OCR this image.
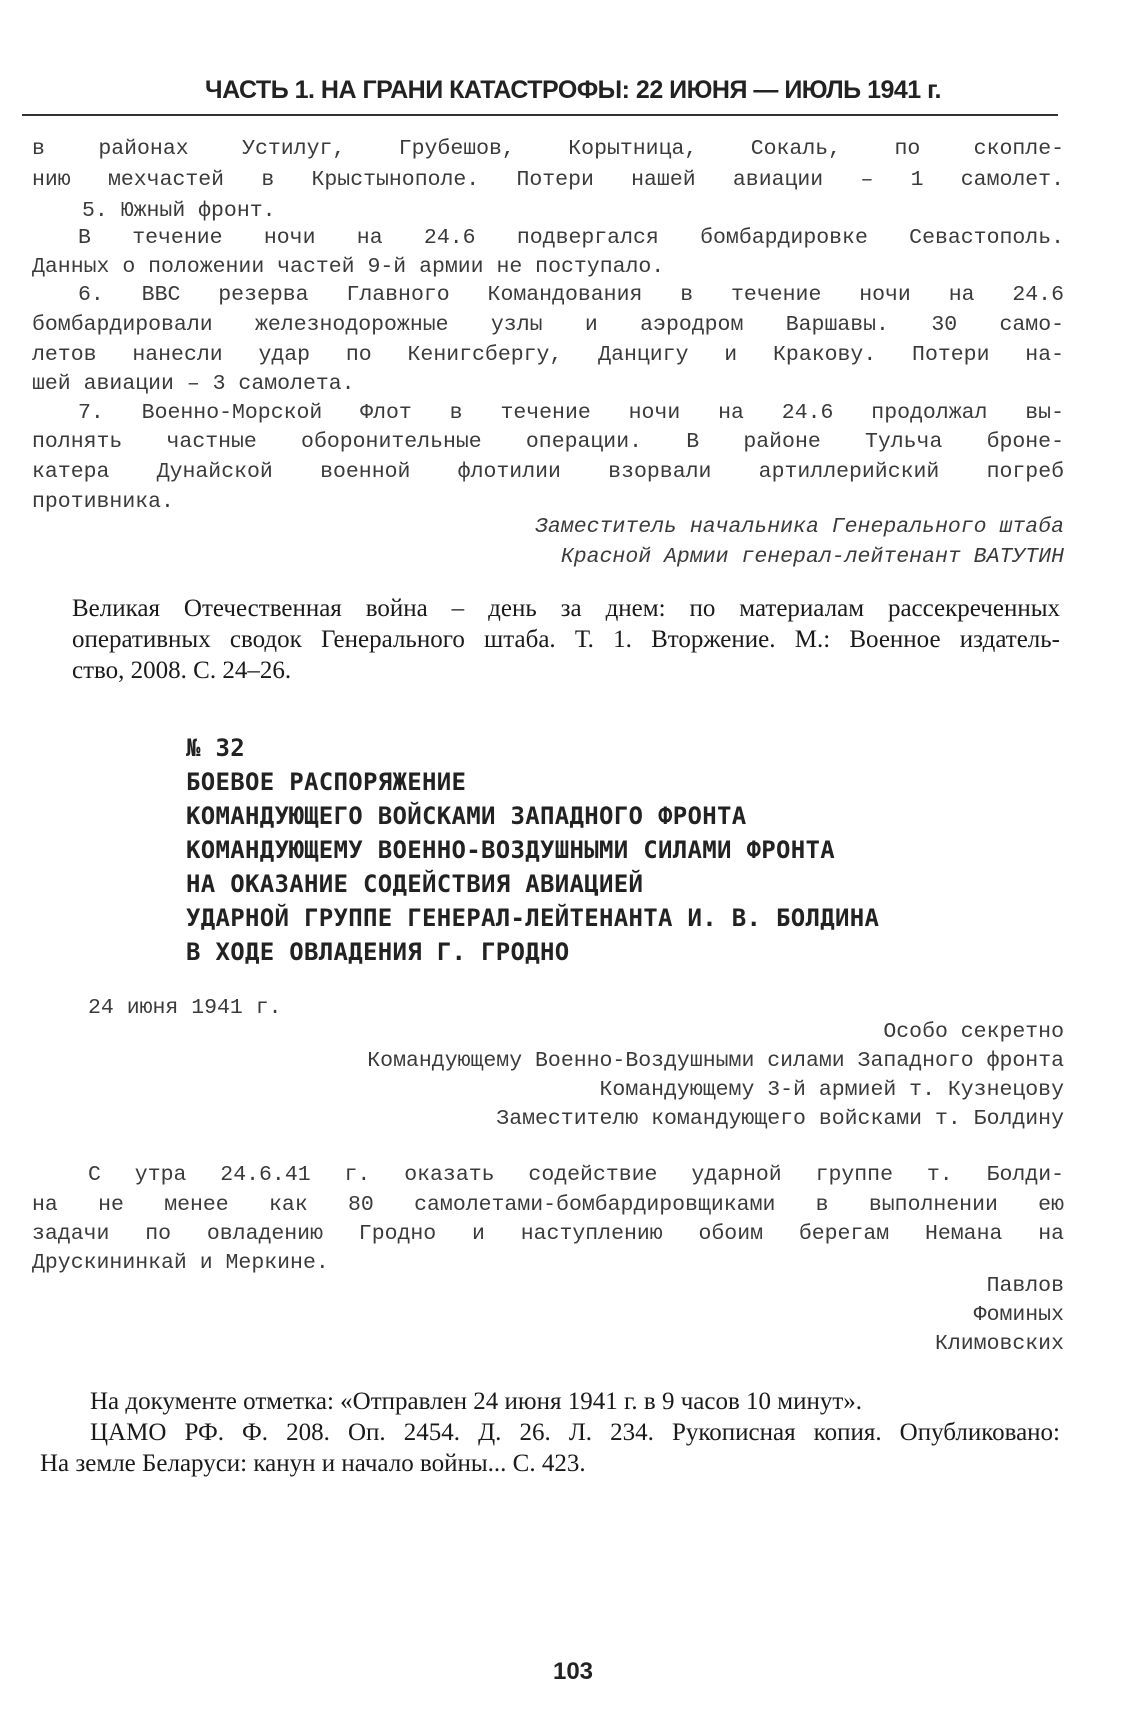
ЧАСТЬ 1. НА ГРАНИ КАТАСТРОФЫ: 22 ИЮНЯ — ИЮЛЬ 1941 г.
в районах Устилуг, Грубешов, Корытница, Сокаль, по скопле-
нию мехчастей в Крыстынополе. Потери нашей авиации – 1 самолет.
5. Южный фронт.
В течение ночи на 24.6 подвергался бомбардировке Севастополь.
Данных о положении частей 9-й армии не поступало.
6. ВВС резерва Главного Командования в течение ночи на 24.6
бомбардировали железнодорожные узлы и аэродром Варшавы. 30 само-
летов нанесли удар по Кенигсбергу, Данцигу и Кракову. Потери на-
шей авиации – 3 самолета.
7. Военно-Морской Флот в течение ночи на 24.6 продолжал вы-
полнять частные оборонительные операции. В районе Тульча броне-
катера Дунайской военной флотилии взорвали артиллерийский погреб
противника.
Заместитель начальника Генерального штаба
Красной Армии генерал-лейтенант ВАТУТИН
Великая Отечественная война – день за днем: по материалам рассекреченных
оперативных сводок Генерального штаба. Т. 1. Вторжение. М.: Военное издатель-
ство, 2008. С. 24–26.
№ 32
БОЕВОЕ РАСПОРЯЖЕНИЕ
КОМАНДУЮЩЕГО ВОЙСКАМИ ЗАПАДНОГО ФРОНТА
КОМАНДУЮЩЕМУ ВОЕННО-ВОЗДУШНЫМИ СИЛАМИ ФРОНТА
НА ОКАЗАНИЕ СОДЕЙСТВИЯ АВИАЦИЕЙ
УДАРНОЙ ГРУППЕ ГЕНЕРАЛ-ЛЕЙТЕНАНТА И. В. БОЛДИНА
В ХОДЕ ОВЛАДЕНИЯ Г. ГРОДНО
24 июня 1941 г.
Особо секретно
Командующему Военно-Воздушными силами Западного фронта
Командующему 3-й армией т. Кузнецову
Заместителю командующего войсками т. Болдину
С утра 24.6.41 г. оказать содействие ударной группе т. Болди-
на не менее как 80 самолетами-бомбардировщиками в выполнении ею
задачи по овладению Гродно и наступлению обоим берегам Немана на
Друскининкай и Меркине.
Павлов
Фоминых
Климовских
На документе отметка: «Отправлен 24 июня 1941 г. в 9 часов 10 минут».
ЦАМО РФ. Ф. 208. Оп. 2454. Д. 26. Л. 234. Рукописная копия. Опубликовано:
На земле Беларуси: канун и начало войны... С. 423.
103
